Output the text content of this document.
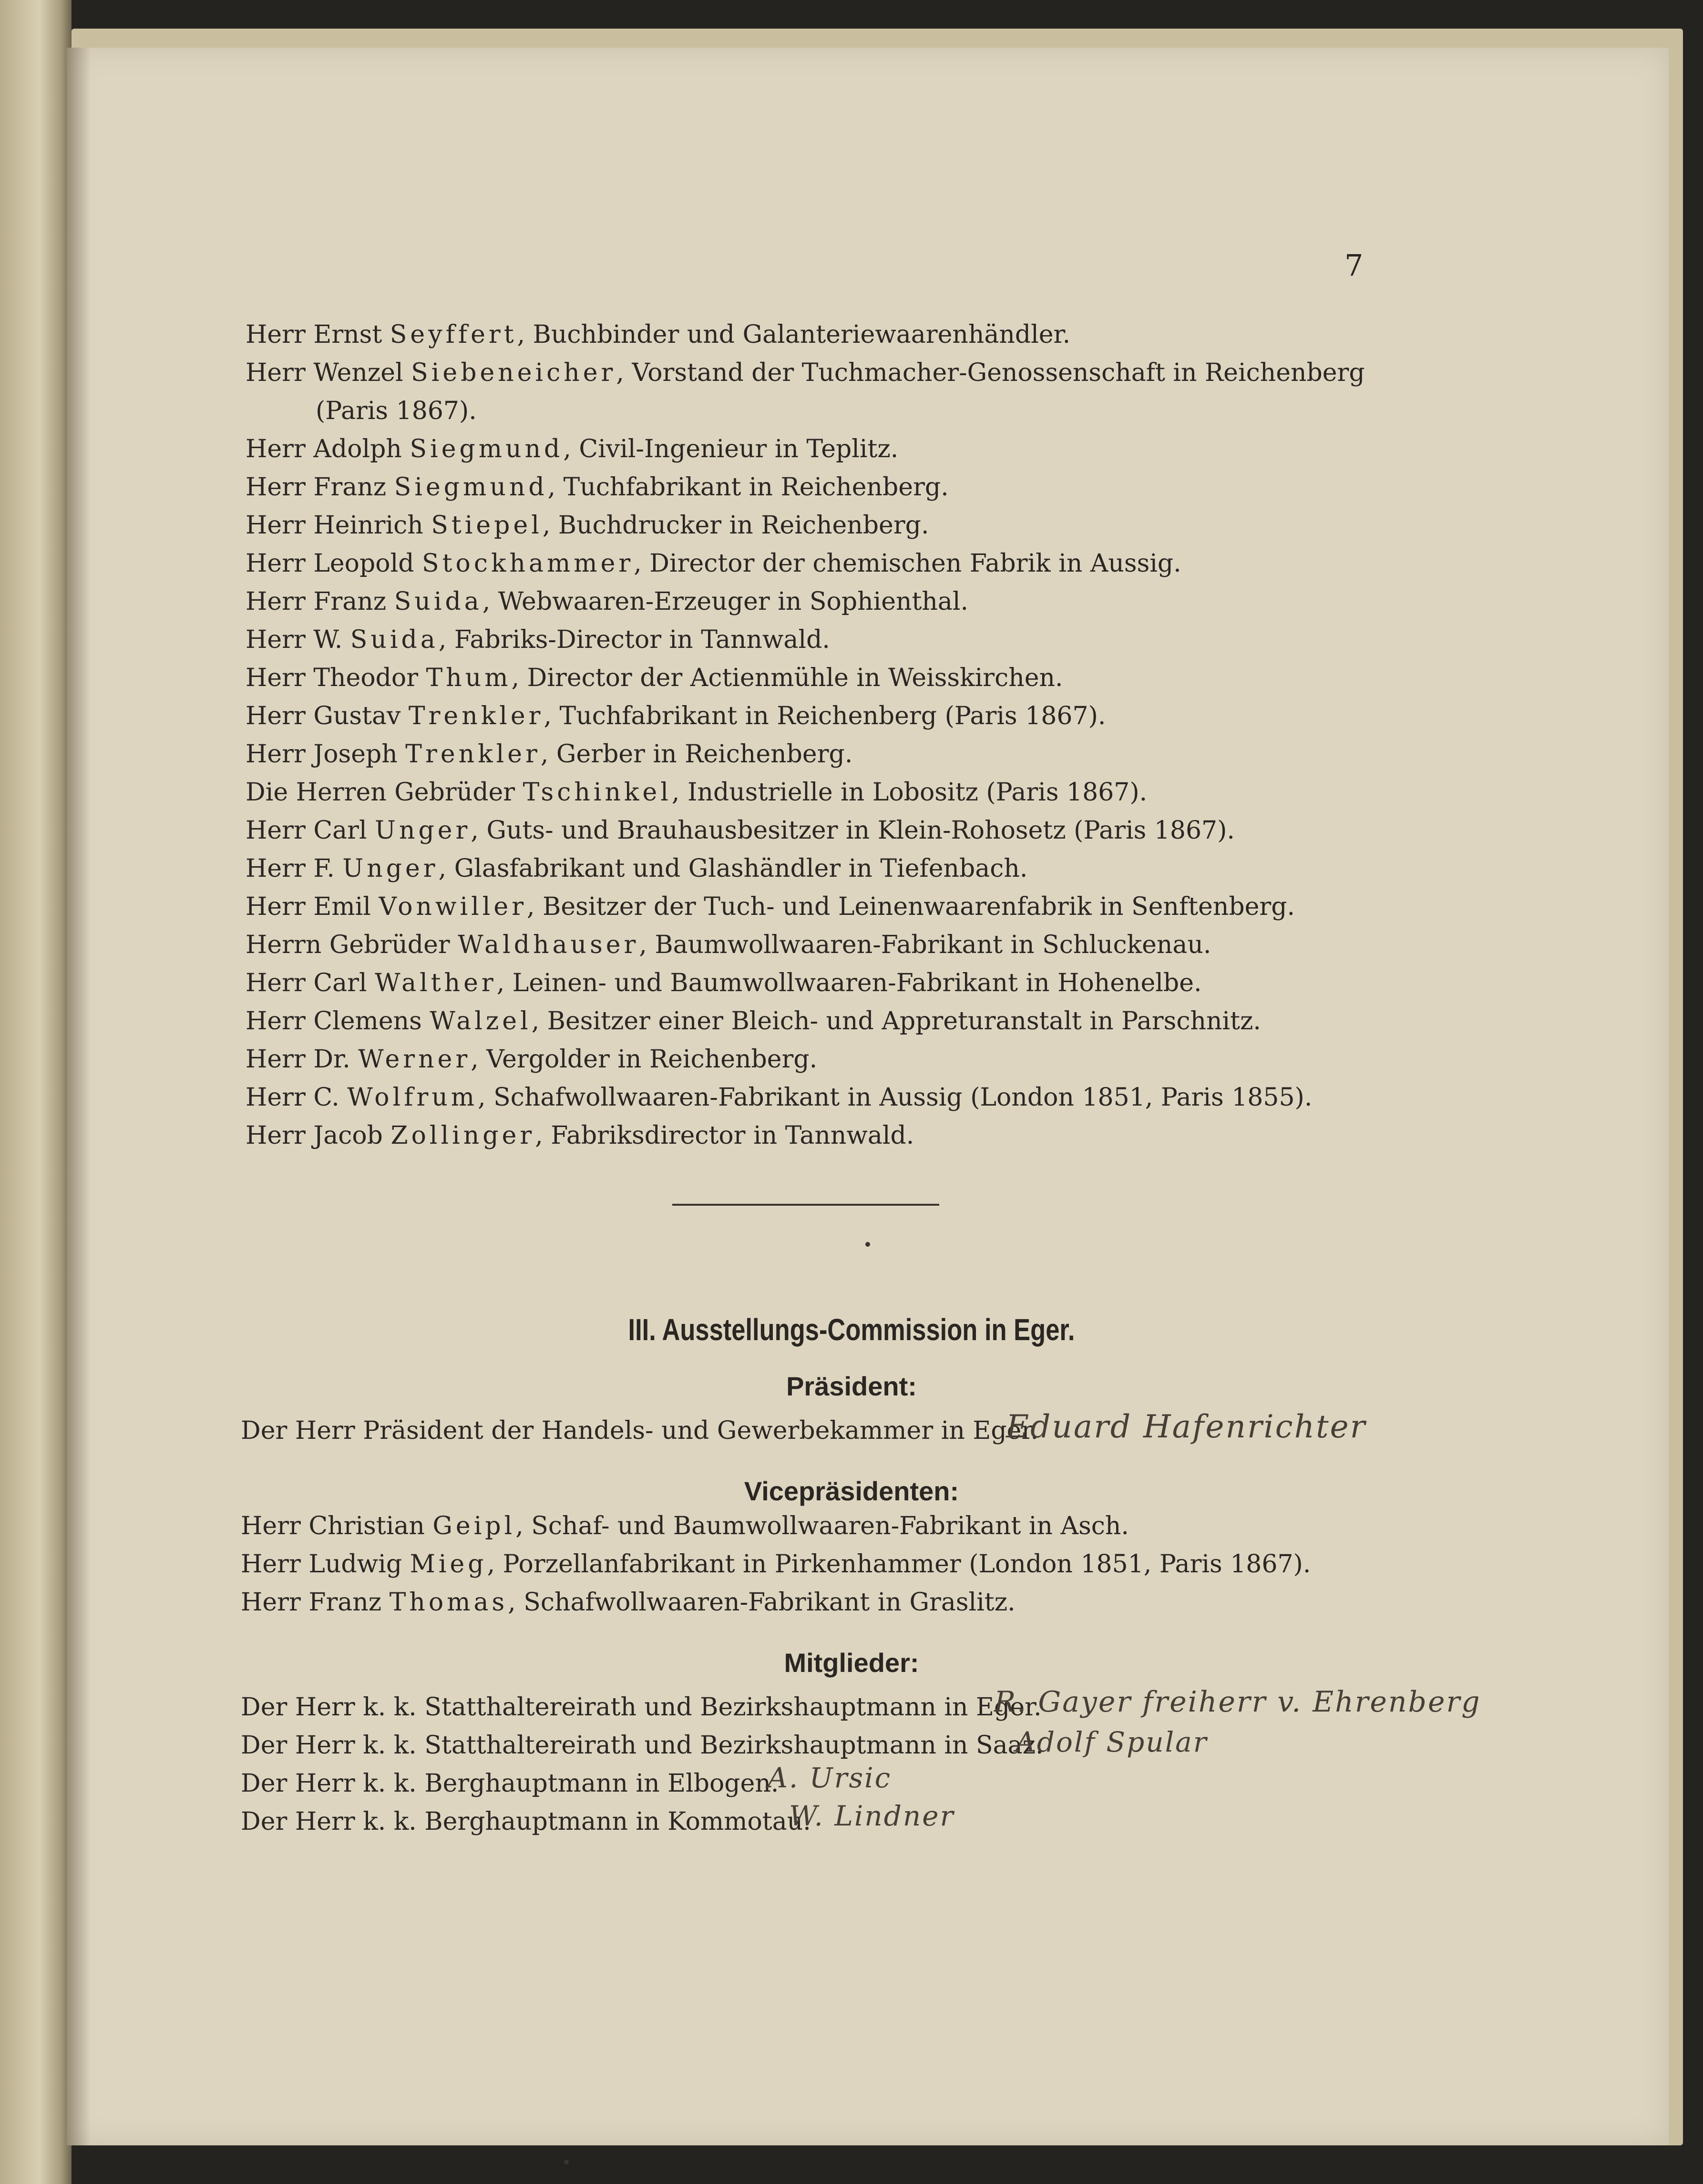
7
Herr Ernst Seyffert, Buchbinder und Galanteriewaarenhändler.
Herr Wenzel Siebeneicher, Vorstand der Tuchmacher-Genossenschaft in Reichenberg
(Paris 1867).
Herr Adolph Siegmund, Civil-Ingenieur in Teplitz.
Herr Franz Siegmund, Tuchfabrikant in Reichenberg.
Herr Heinrich Stiepel, Buchdrucker in Reichenberg.
Herr Leopold Stockhammer, Director der chemischen Fabrik in Aussig.
Herr Franz Suida, Webwaaren-Erzeuger in Sophienthal.
Herr W. Suida, Fabriks-Director in Tannwald.
Herr Theodor Thum, Director der Actienmühle in Weisskirchen.
Herr Gustav Trenkler, Tuchfabrikant in Reichenberg (Paris 1867).
Herr Joseph Trenkler, Gerber in Reichenberg.
Die Herren Gebrüder Tschinkel, Industrielle in Lobositz (Paris 1867).
Herr Carl Unger, Guts- und Brauhausbesitzer in Klein-Rohosetz (Paris 1867).
Herr F. Unger, Glasfabrikant und Glashändler in Tiefenbach.
Herr Emil Vonwiller, Besitzer der Tuch- und Leinenwaarenfabrik in Senftenberg.
Herrn Gebrüder Waldhauser, Baumwollwaaren-Fabrikant in Schluckenau.
Herr Carl Walther, Leinen- und Baumwollwaaren-Fabrikant in Hohenelbe.
Herr Clemens Walzel, Besitzer einer Bleich- und Appreturanstalt in Parschnitz.
Herr Dr. Werner, Vergolder in Reichenberg.
Herr C. Wolfrum, Schafwollwaaren-Fabrikant in Aussig (London 1851, Paris 1855).
Herr Jacob Zollinger, Fabriksdirector in Tannwald.
III. Ausstellungs-Commission in Eger.
Präsident:
Der Herr Präsident der Handels- und Gewerbekammer in Eger.
Eduard Hafenrichter
Vicepräsidenten:
Herr Christian Geipl, Schaf- und Baumwollwaaren-Fabrikant in Asch.
Herr Ludwig Mieg, Porzellanfabrikant in Pirkenhammer (London 1851, Paris 1867).
Herr Franz Thomas, Schafwollwaaren-Fabrikant in Graslitz.
Mitglieder:
Der Herr k. k. Statthaltereirath und Bezirkshauptmann in Eger.
R. Gayer freiherr v. Ehrenberg
Der Herr k. k. Statthaltereirath und Bezirkshauptmann in Saaz.
Adolf Spular
Der Herr k. k. Berghauptmann in Elbogen.
A. Ursic
Der Herr k. k. Berghauptmann in Kommotau.
W. Lindner
